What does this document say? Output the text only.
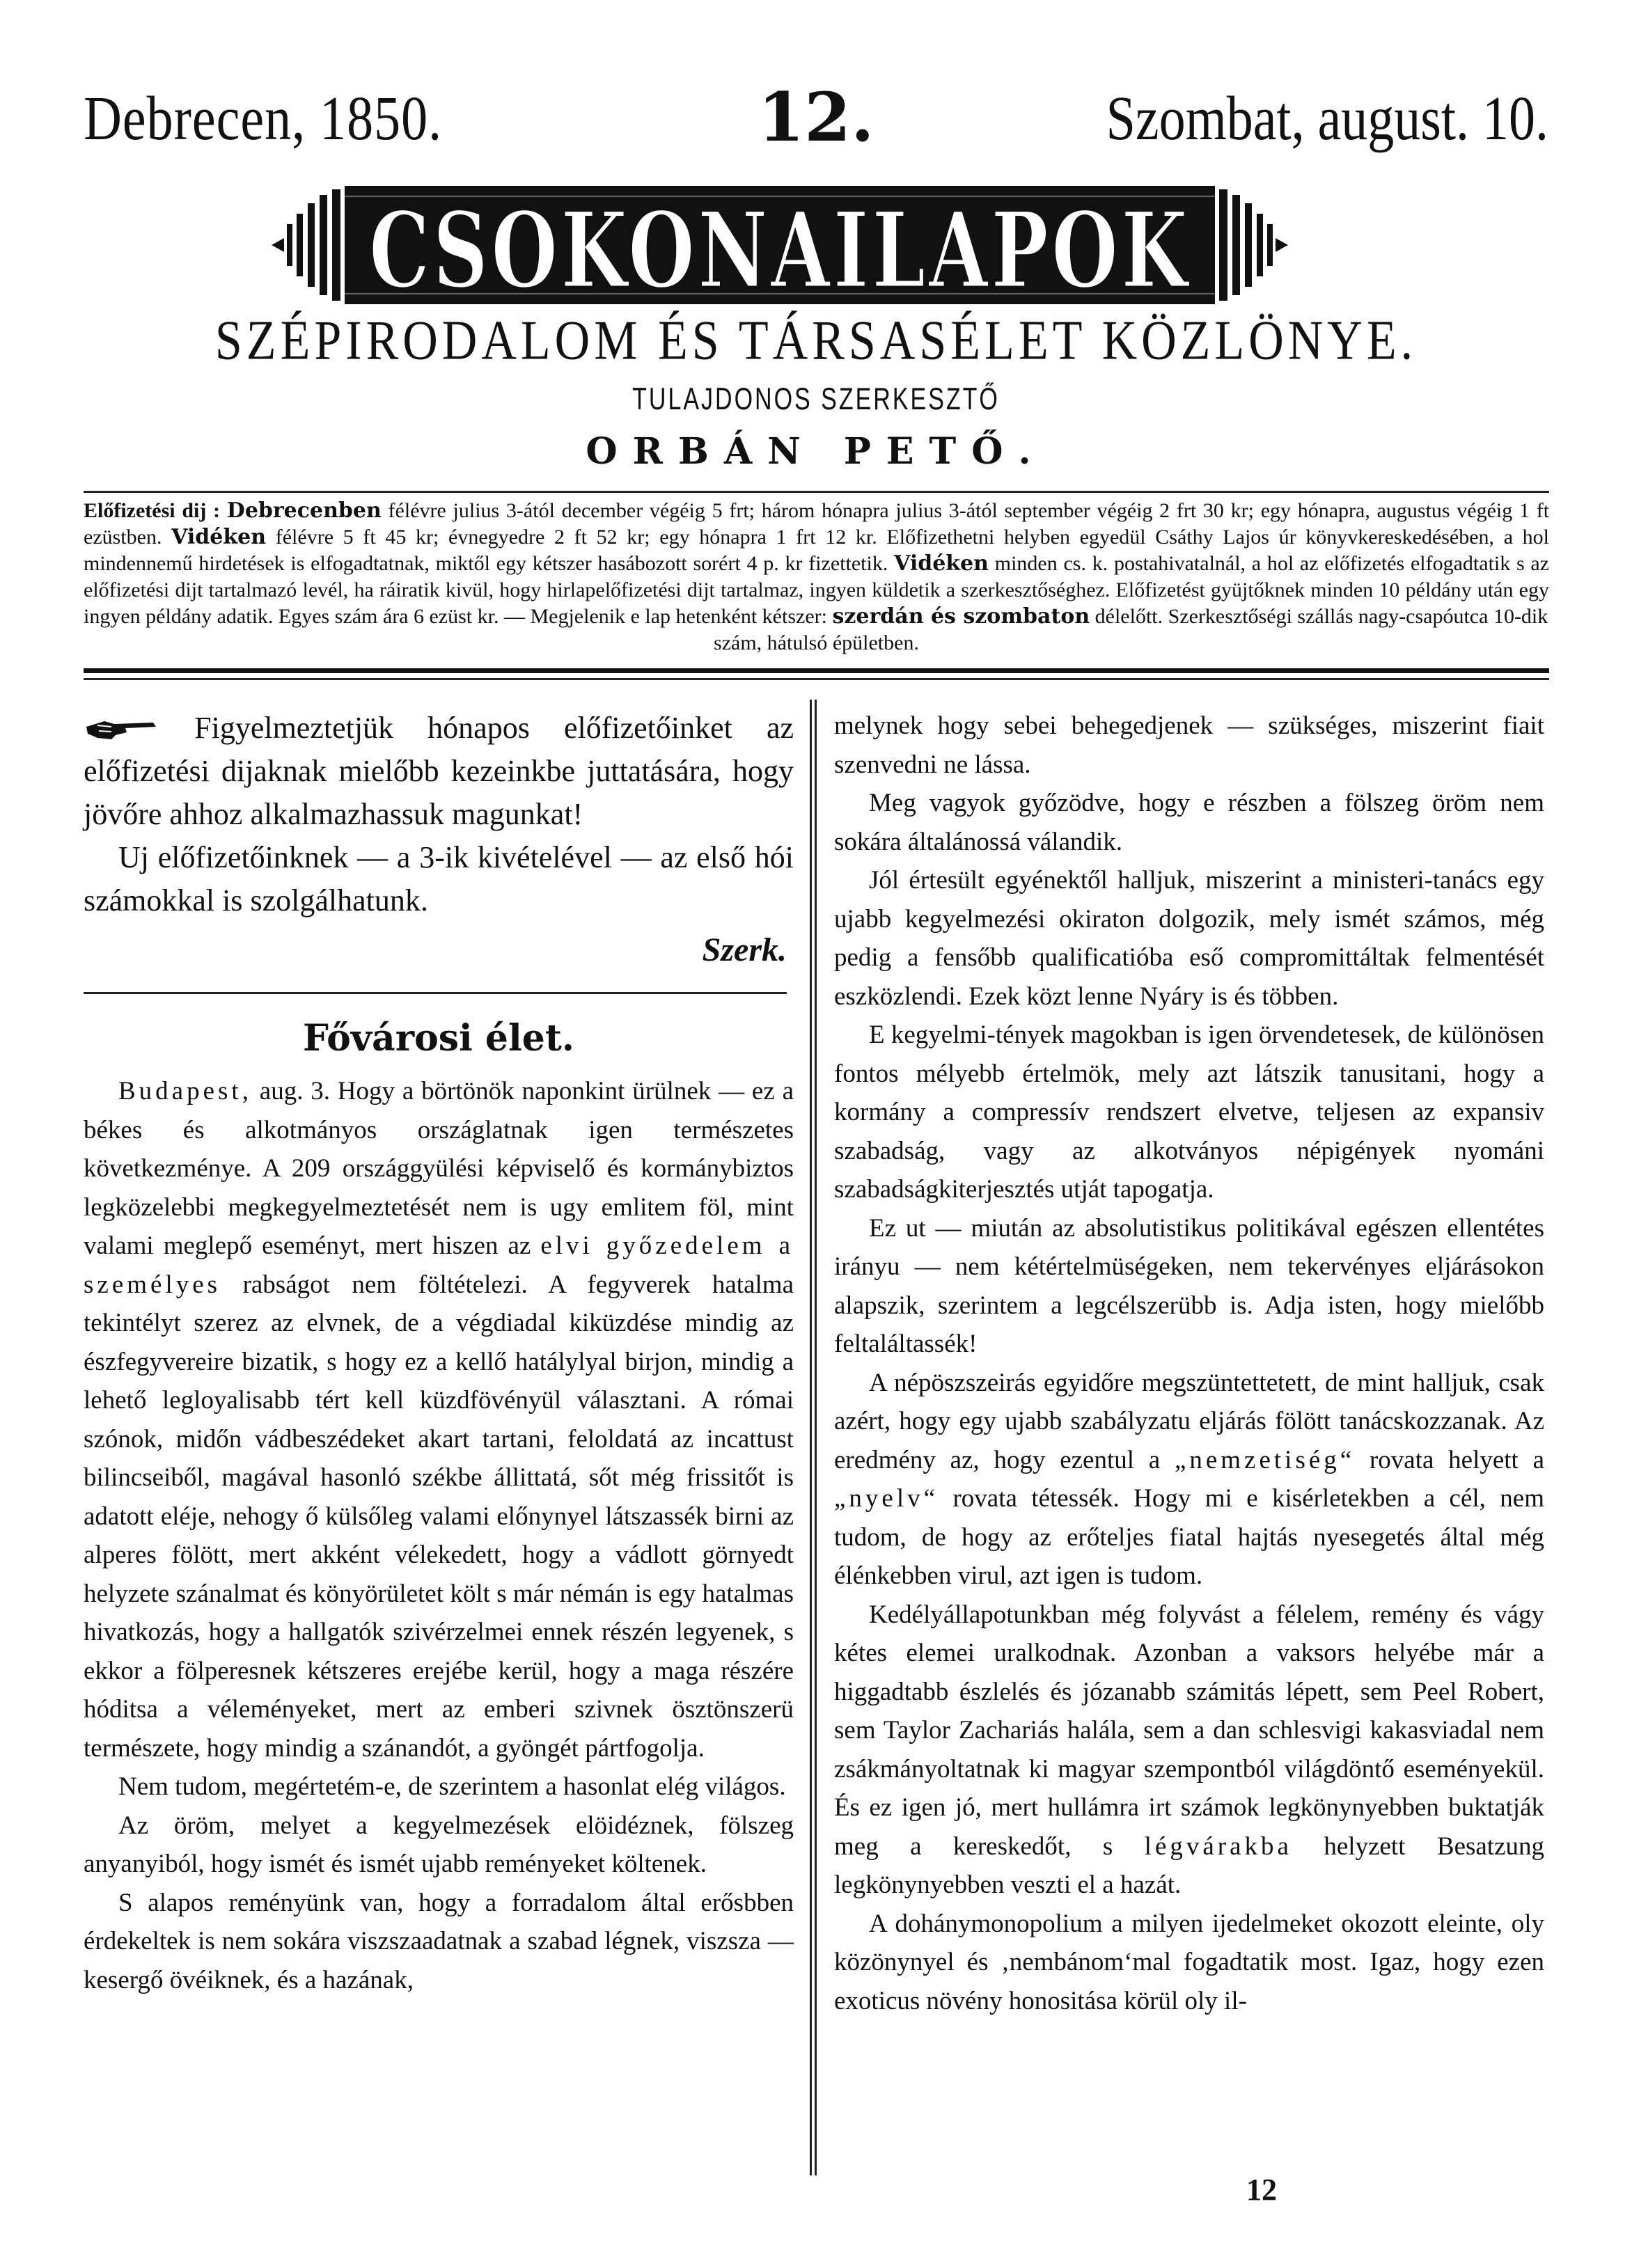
Debrecen, 1850.	12.	Szombat, august. 10.
CSOKONAILAPOK
SZÉPIRODALOM ÉS TÁRSASÉLET KÖZLÖNYE.
TULAJDONOS SZERKESZTŐ
ORBÁN PETŐ.
Előfizetési dij : Debrecenben félévre julius 3-ától december végéig 5 frt; három hónapra julius 3-ától september végéig 2 frt 30 kr; egy hónapra, augustus végéig 1 ft ezüstben. Vidéken félévre 5 ft 45 kr; évnegyedre 2 ft 52 kr; egy hónapra 1 frt 12 kr. Előfizethetni helyben egyedül Csáthy Lajos úr könyvkereskedésében, a hol mindennemű hirdetések is elfogadtatnak, miktől egy kétszer hasábozott sorért 4 p. kr fizettetik. Vidéken minden cs. k. postahivatalnál, a hol az előfizetés elfogadtatik s az előfizetési dijt tartalmazó levél, ha ráiratik kivül, hogy hirlapelőfizetési dijt tartalmaz, ingyen küldetik a szerkesztőséghez. Előfizetést gyüjtőknek minden 10 példány után egy ingyen példány adatik. Egyes szám ára 6 ezüst kr. — Megjelenik e lap hetenként kétszer: szerdán és szombaton délelőtt. Szerkesztőségi szállás nagy-csapóutca 10-dik
szám, hátulsó épületben.

Figyelmeztetjük hónapos előfizetőinket az előfizetési dijaknak mielőbb kezeinkbe juttatására, hogy jövőre ahhoz alkalmazhassuk magunkat!

Uj előfizetőinknek — a 3-ik kivételével — az első hói számokkal is szolgálhatunk.

Szerk.
Fővárosi élet.

Budapest, aug. 3. Hogy a börtönök naponkint ürülnek — ez a békes és alkotmányos országlatnak igen természetes következménye. A 209 országgyülési képviselő és kormánybiztos legközelebbi megkegyelmeztetését nem is ugy emlitem föl, mint valami meglepő eseményt, mert hiszen az elvi győzedelem a személyes rabságot nem föltételezi. A fegyverek hatalma tekintélyt szerez az elvnek, de a végdiadal kiküzdése mindig az észfegyvereire bizatik, s hogy ez a kellő hatálylyal birjon, mindig a lehető legloyalisabb tért kell küzdfövényül választani. A római szónok, midőn vádbeszédeket akart tartani, feloldatá az incattust bilincseiből, magával hasonló székbe állittatá, sőt még frissitőt is adatott eléje, nehogy ő külsőleg valami előnynyel látszassék birni az alperes fölött, mert akként vélekedett, hogy a vádlott görnyedt helyzete szánalmat és könyörületet költ s már némán is egy hatalmas hivatkozás, hogy a hallgatók szivérzelmei ennek részén legyenek, s ekkor a fölperesnek kétszeres erejébe kerül, hogy a maga részére hóditsa a véleményeket, mert az emberi szivnek ösztönszerü természete, hogy mindig a szánandót, a gyöngét pártfogolja.

Nem tudom, megértetém-e, de szerintem a hasonlat elég világos.

Az öröm, melyet a kegyelmezések elöidéznek, fölszeg anyanyiból, hogy ismét és ismét ujabb reményeket költenek.

S alapos reményünk van, hogy a forradalom által erősbben érdekeltek is nem sokára viszszaadatnak a szabad légnek, viszsza — kesergő övéiknek, és a hazának,

melynek hogy sebei behegedjenek — szükséges, miszerint fiait szenvedni ne lássa.

Meg vagyok győzödve, hogy e részben a fölszeg öröm nem sokára általánossá válandik.

Jól értesült egyénektől halljuk, miszerint a ministeri-tanács egy ujabb kegyelmezési okiraton dolgozik, mely ismét számos, még pedig a fensőbb qualificatióba eső compromittáltak felmentését eszközlendi. Ezek közt lenne Nyáry is és többen.

E kegyelmi-tények magokban is igen örvendetesek, de különösen fontos mélyebb értelmök, mely azt látszik tanusitani, hogy a kormány a compressív rendszert elvetve, teljesen az expansiv szabadság, vagy az alkotványos népigények nyománi szabadságkiterjesztés utját tapogatja.

Ez ut — miután az absolutistikus politikával egészen ellentétes irányu — nem kétértelmüségeken, nem tekervényes eljárásokon alapszik, szerintem a legcélszerübb is. Adja isten, hogy mielőbb feltaláltassék!

A népöszszeirás egyidőre megszüntettetett, de mint halljuk, csak azért, hogy egy ujabb szabályzatu eljárás fölött tanácskozzanak. Az eredmény az, hogy ezentul a „nemzetiség“ rovata helyett a „nyelv“ rovata tétessék. Hogy mi e kisérletekben a cél, nem tudom, de hogy az erőteljes fiatal hajtás nyesegetés által még élénkebben virul, azt igen is tudom.

Kedélyállapotunkban még folyvást a félelem, remény és vágy kétes elemei uralkodnak. Azonban a vaksors helyébe már a higgadtabb észlelés és józanabb számitás lépett, sem Peel Robert, sem Taylor Zachariás halála, sem a dan schlesvigi kakasviadal nem zsákmányoltatnak ki magyar szempontból világdöntő eseményekül. És ez igen jó, mert hullámra irt számok legkönynyebben buktatják meg a kereskedőt, s légvárakba helyzett Besatzung legkönynyebben veszti el a hazát.

A dohánymonopolium a milyen ijedelmeket okozott eleinte, oly közönynyel és ‚nembánom‘mal fogadtatik most. Igaz, hogy ezen exoticus növény honositása körül oly il-

12
